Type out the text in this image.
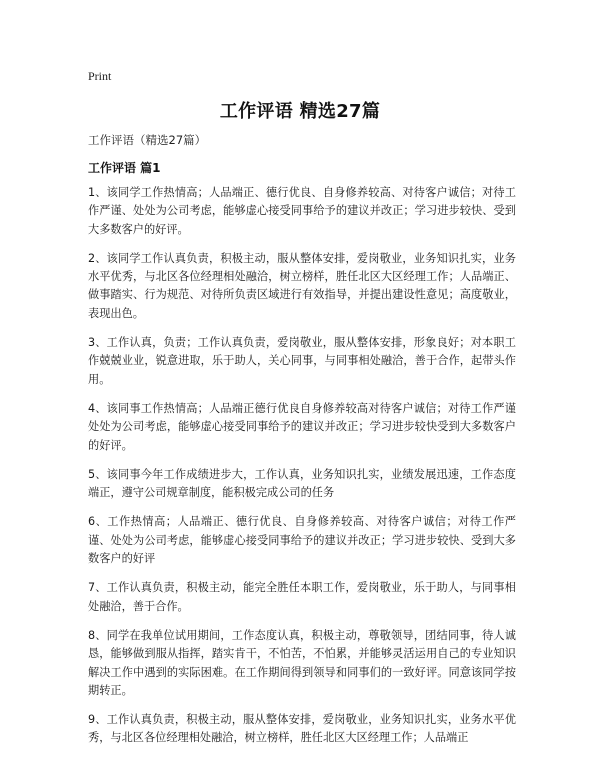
Print
工作评语 精选27篇
工作评语（精选27篇）
工作评语 篇1
1、该同学工作热情高；人品端正、德行优良、自身修养较高、对待客户诚信；对待工作严谨、处处为公司考虑，能够虚心接受同事给予的建议并改正；学习进步较快、受到大多数客户的好评。
2、该同学工作认真负责，积极主动，服从整体安排，爱岗敬业，业务知识扎实，业务水平优秀，与北区各位经理相处融洽，树立榜样，胜任北区大区经理工作；人品端正、做事踏实、行为规范、对待所负责区域进行有效指导，并提出建设性意见；高度敬业，表现出色。
3、工作认真，负责；工作认真负责，爱岗敬业，服从整体安排，形象良好；对本职工作兢兢业业，锐意进取，乐于助人，关心同事，与同事相处融洽，善于合作，起带头作用。
4、该同事工作热情高；人品端正德行优良自身修养较高对待客户诚信；对待工作严谨处处为公司考虑，能够虚心接受同事给予的建议并改正；学习进步较快受到大多数客户的好评。
5、该同事今年工作成绩进步大，工作认真，业务知识扎实，业绩发展迅速，工作态度端正，遵守公司规章制度，能积极完成公司的任务
6、工作热情高；人品端正、德行优良、自身修养较高、对待客户诚信；对待工作严谨、处处为公司考虑，能够虚心接受同事给予的建议并改正；学习进步较快、受到大多数客户的好评
7、工作认真负责，积极主动，能完全胜任本职工作，爱岗敬业，乐于助人，与同事相处融洽，善于合作。
8、同学在我单位试用期间，工作态度认真，积极主动，尊敬领导，团结同事，待人诚恳，能够做到服从指挥，踏实肯干，不怕苦，不怕累，并能够灵活运用自己的专业知识解决工作中遇到的实际困难。在工作期间得到领导和同事们的一致好评。同意该同学按期转正。
9、工作认真负责，积极主动，服从整体安排，爱岗敬业，业务知识扎实，业务水平优秀，与北区各位经理相处融洽，树立榜样，胜任北区大区经理工作；人品端正
